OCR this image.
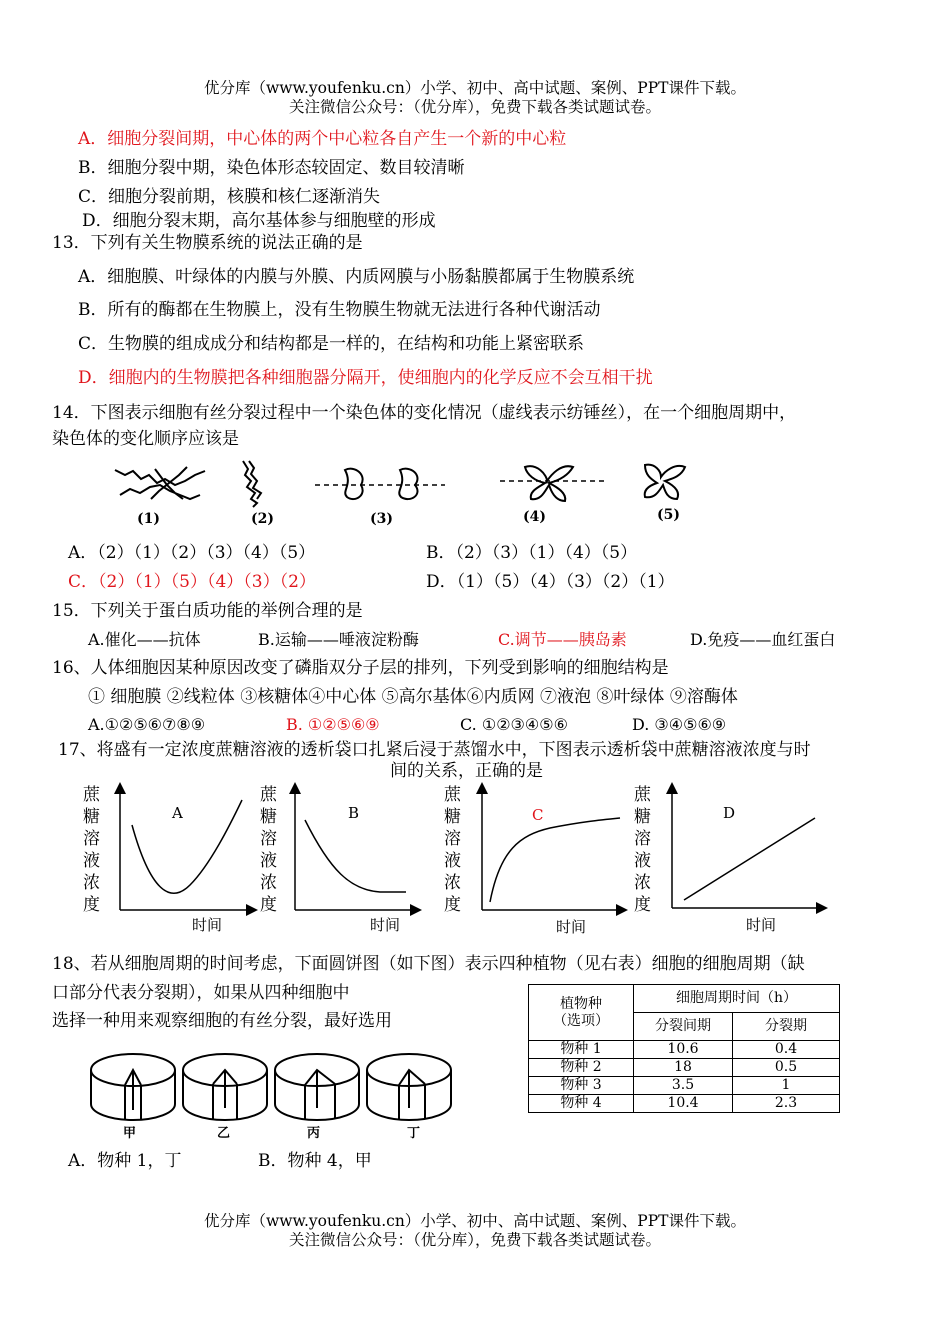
优分库（www.youfenku.cn）小学、初中、高中试题、案例、PPT课件下载。
关注微信公众号：（优分库），免费下载各类试题试卷。
A．细胞分裂间期，中心体的两个中心粒各自产生一个新的中心粒
B．细胞分裂中期，染色体形态较固定、数目较清晰
C．细胞分裂前期，核膜和核仁逐渐消失
D．细胞分裂末期，高尔基体参与细胞壁的形成
13．下列有关生物膜系统的说法正确的是
A．细胞膜、叶绿体的内膜与外膜、内质网膜与小肠黏膜都属于生物膜系统
B．所有的酶都在生物膜上，没有生物膜生物就无法进行各种代谢活动
C．生物膜的组成成分和结构都是一样的，在结构和功能上紧密联系
D．细胞内的生物膜把各种细胞器分隔开，使细胞内的化学反应不会互相干扰
14．下图表示细胞有丝分裂过程中一个染色体的变化情况（虚线表示纺锤丝），在一个细胞周期中，
染色体的变化顺序应该是
(1)	(2)	(3)	(4)	(5)
A．（2）（1）（2）（3）（4）（5）	B．（2）（3）（1）（4）（5）
C．（2）（1）（5）（4）（3）（2）	D．（1）（5）（4）（3）（2）（1）
15．下列关于蛋白质功能的举例合理的是
A.催化——抗体	B.运输——唾液淀粉酶	C.调节——胰岛素	D.免疫——血红蛋白
16、人体细胞因某种原因改变了磷脂双分子层的排列，下列受到影响的细胞结构是
① 细胞膜 ②线粒体 ③核糖体④中心体 ⑤高尔基体⑥内质网 ⑦液泡 ⑧叶绿体 ⑨溶酶体
A.①②⑤⑥⑦⑧⑨	B. ①②⑤⑥⑨	C. ①②③④⑤⑥	D. ③④⑤⑥⑨
17、将盛有一定浓度蔗糖溶液的透析袋口扎紧后浸于蒸馏水中，下图表示透析袋中蔗糖溶液浓度与时
间的关系，正确的是
蔗
糖
溶
液
浓
度
A
时间
蔗
糖
溶
液
浓
度
B
时间
蔗
糖
溶
液
浓
度
C
时间
蔗
糖
溶
液
浓
度
D
时间
18、若从细胞周期的时间考虑，下面圆饼图（如下图）表示四种植物（见右表）细胞的细胞周期（缺
口部分代表分裂期），如果从四种细胞中
选择一种用来观察细胞的有丝分裂，最好选用
植物种
（选项）	细胞周期时间（h）	
	分裂间期	分裂期
物种 1	10.6	0.4
物种 2	18	0.5
物种 3	3.5	1
物种 4	10.4	2.3
甲	乙	丙	丁
A．物种 1，丁	B．物种 4，甲
优分库（www.youfenku.cn）小学、初中、高中试题、案例、PPT课件下载。
关注微信公众号：（优分库），免费下载各类试题试卷。
